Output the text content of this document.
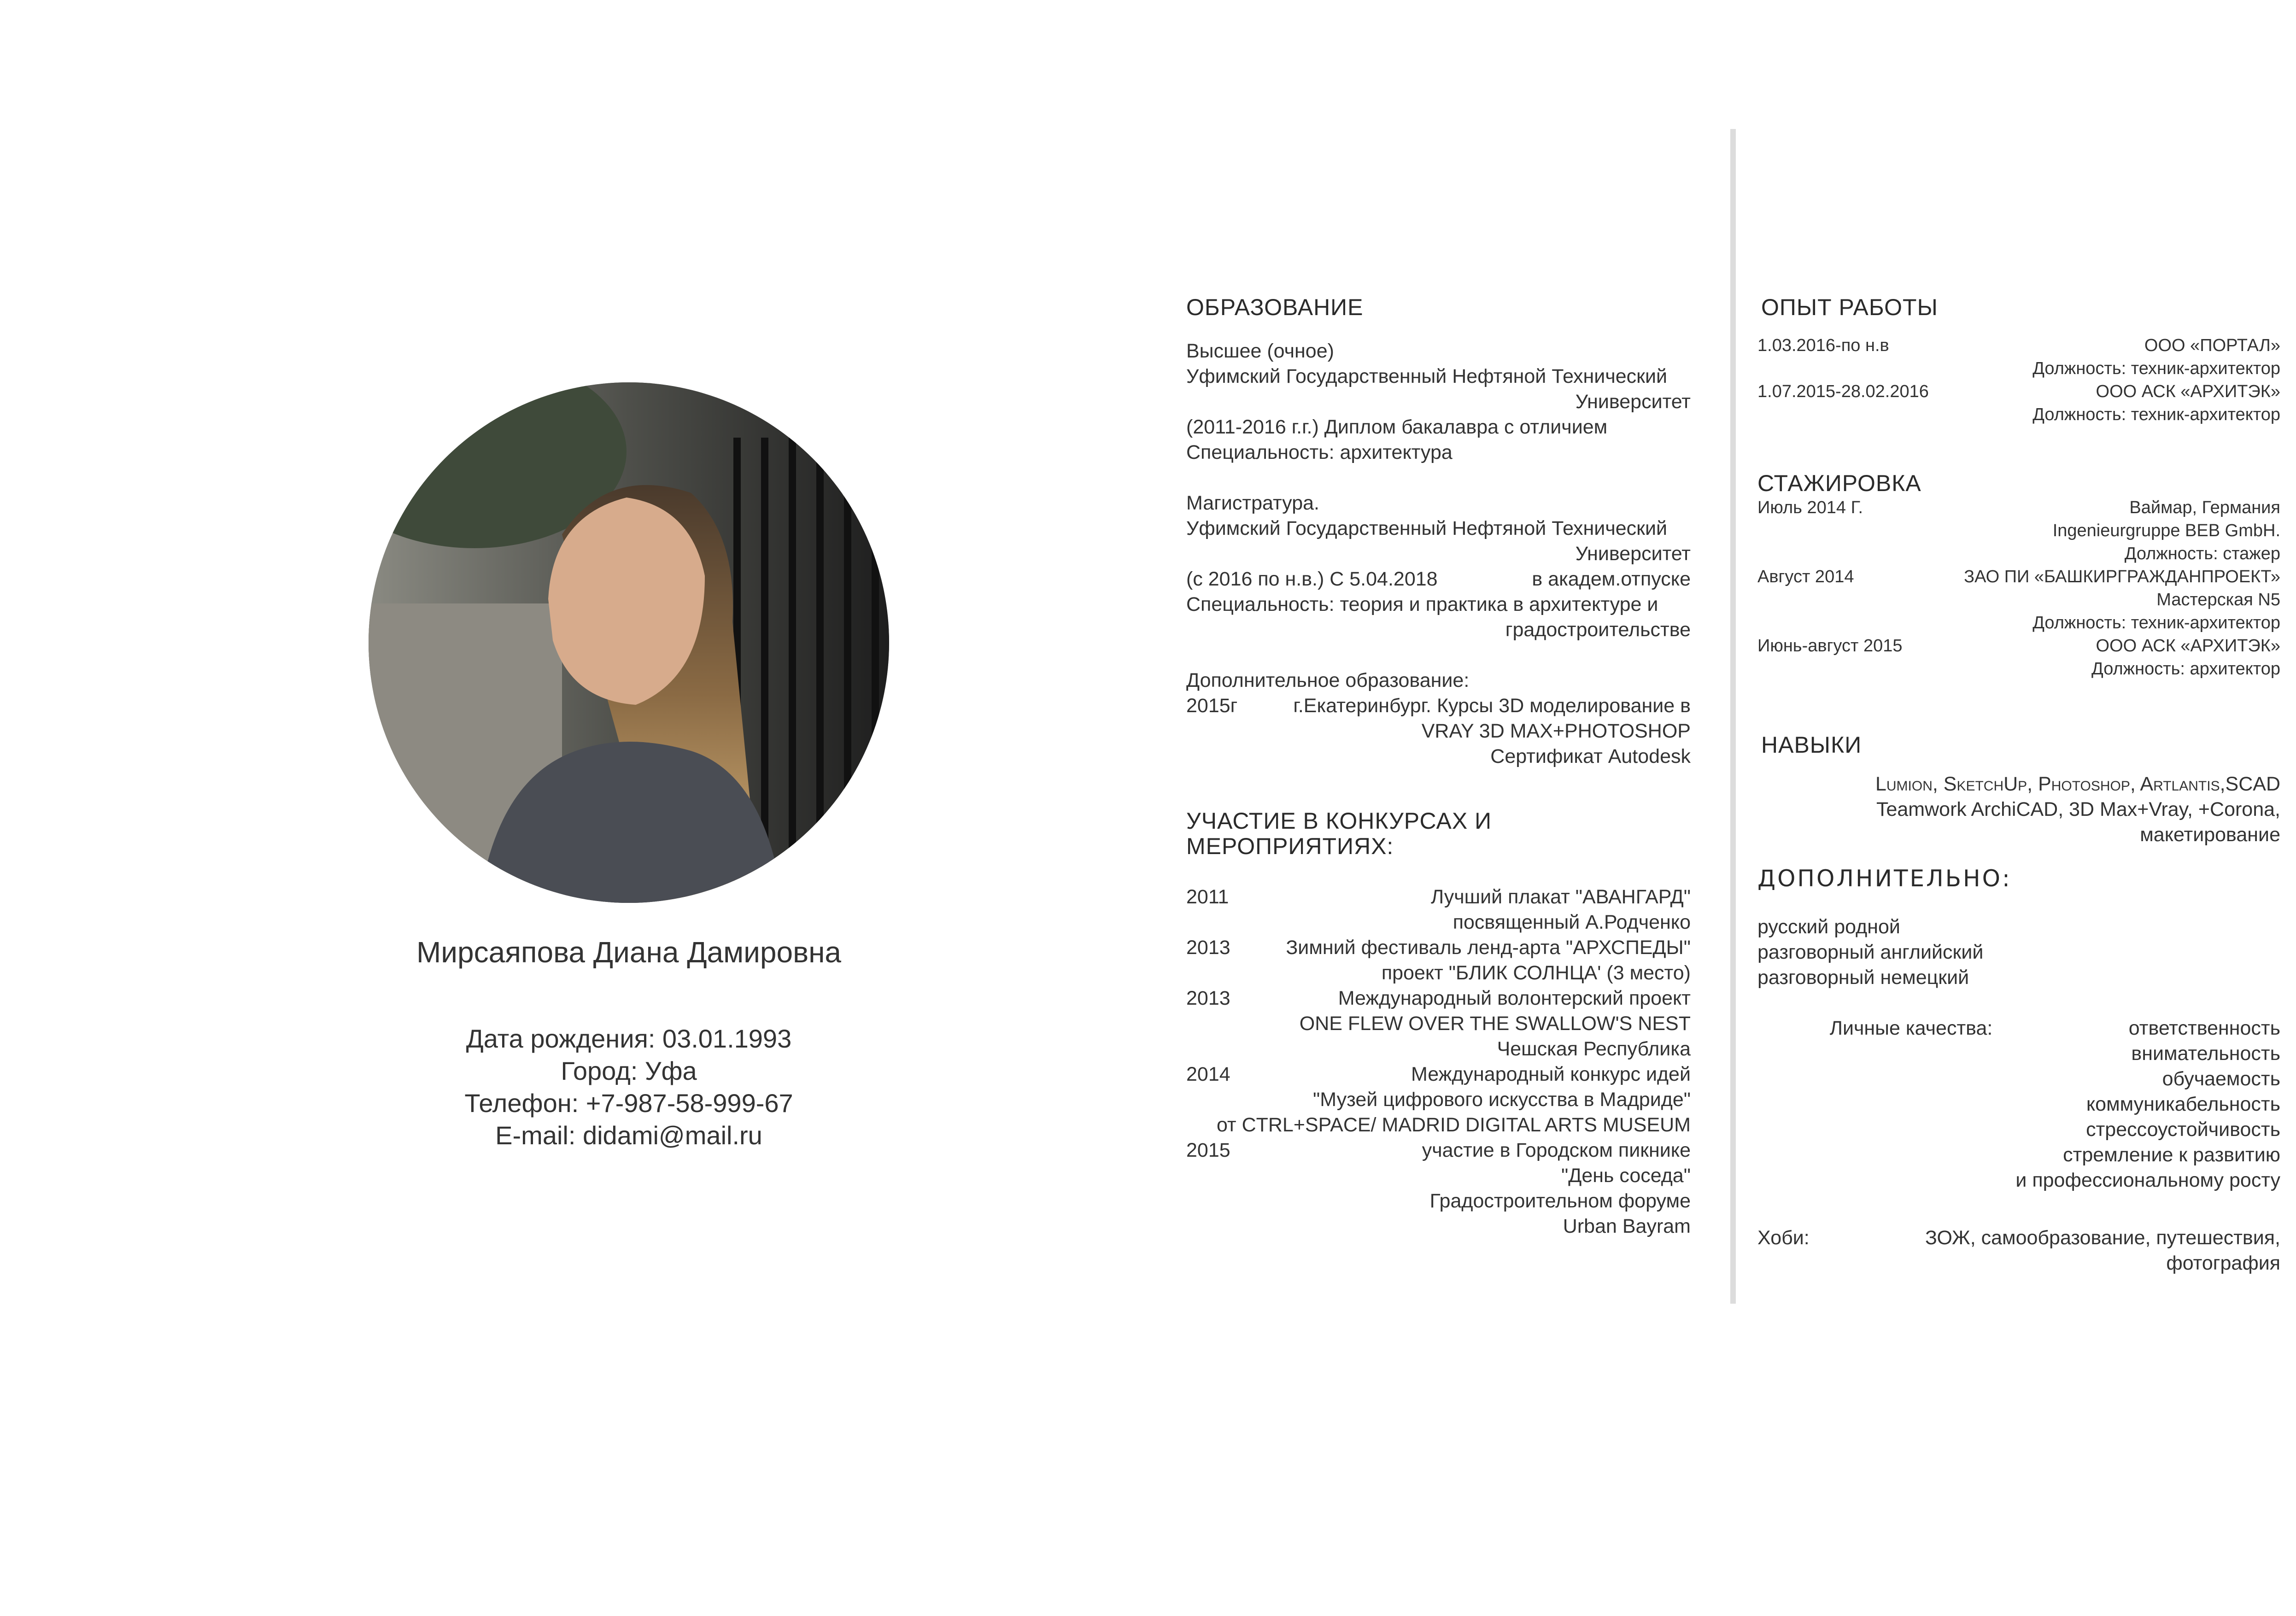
Мирсаяпова Диана Дамировна
Дата рождения: 03.01.1993
Город: Уфа
Телефон: +7-987-58-999-67
E-mail: didami@mail.ru
ОБРАЗОВАНИЕ
Высшее (очное)
Уфимский Государственный Нефтяной Технический
Университет
(2011-2016 г.г.) Диплом бакалавра с отличием
Специальность: архитектура
Магистратура.
Уфимский Государственный Нефтяной Технический
Университет
(с 2016 по н.в.) С 5.04.2018	в академ.отпуске
Специальность: теория и практика в архитектуре и
градостроительстве
Дополнительное образование:
2015г	г.Екатеринбург. Курсы 3D моделирование в
VRAY 3D MAX+PHOTOSHOP
Сертификат Autodesk
УЧАСТИЕ В КОНКУРСАХ И МЕРОПРИЯТИЯХ:
2011	Лучший плакат "АВАНГАРД"
посвященный А.Родченко
2013	Зимний фестиваль ленд-арта "АРХСПЕДЫ"
проект "БЛИК СОЛНЦА' (3 место)
2013	Международный волонтерский проект
ONE FLEW OVER THE SWALLOW'S NEST
Чешская Республика
2014	Международный конкурс идей
"Музей цифрового искусства в Мадриде"
от CTRL+SPACE/ MADRID DIGITAL ARTS MUSEUM
2015	участие в Городском пикнике
"День соседа"
Градостроительном форуме
Urban Bayram
ОПЫТ РАБОТЫ
1.03.2016-по н.в	ООО «ПОРТАЛ»
Должность: техник-архитектор
1.07.2015-28.02.2016	ООО АСК «АРХИТЭК»
Должность: техник-архитектор
СТАЖИРОВКА
Июль 2014 Г.	Ваймар, Германия
Ingenieurgruppe BEB GmbH.
Должность: стажер
Август 2014	ЗАО ПИ «БАШКИРГРАЖДАНПРОЕКТ»
Мастерская N5
Должность: техник-архитектор
Июнь-август 2015	ООО АСК «АРХИТЭК»
Должность: архитектор
НАВЫКИ
Lumion, SketchUp, Photoshop, Artlantis,SCAD
Teamwork ArchiCAD, 3D Max+Vray, +Corona,
макетирование
ДОПОЛНИТЕЛЬНО:
русский родной
разговорный английский
разговорный немецкий
Личные качества:	ответственность
внимательность
обучаемость
коммуникабельность
стрессоустойчивость
стремление к развитию
и профессиональному росту
Хоби:	ЗОЖ, самообразование, путешествия,
фотография
